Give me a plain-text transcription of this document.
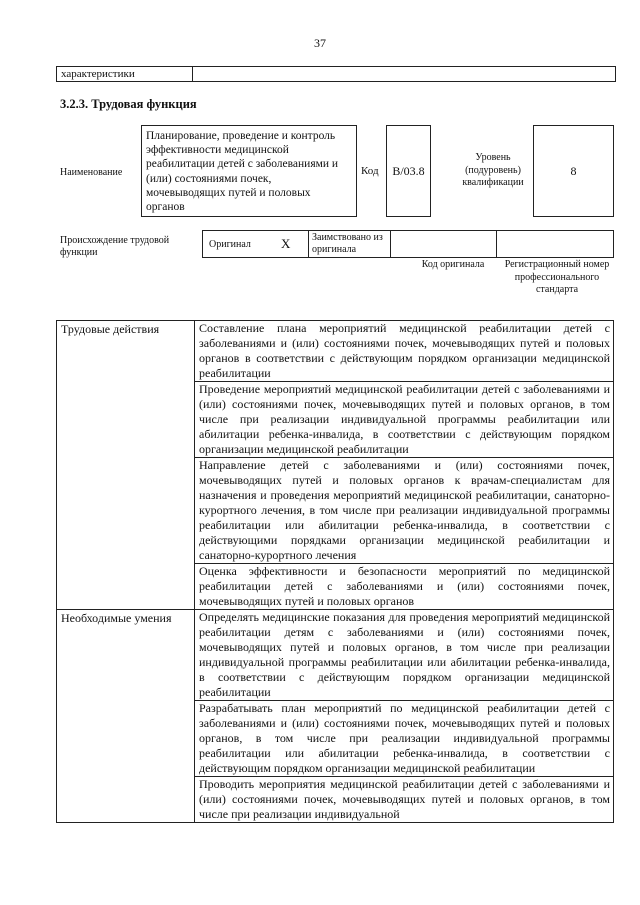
37
характеристики
3.2.3. Трудовая функция
Наименование
Планирование, проведение и контроль эффективности медицинской реабилитации детей с заболеваниями и (или) состояниями почек, мочевыводящих путей и половых органов
Код	B/03.8
Уровень (подуровень) квалификации
8
Происхождение трудовой функции
Оригинал X	Заимствовано из оригинала
Код оригинала	Регистрационный номер профессионального стандарта
Трудовые действия	Составление плана мероприятий медицинской реабилитации детей с заболеваниями и (или) состояниями почек, мочевыводящих путей и половых органов в соответствии с действующим порядком организации медицинской реабилитации
	Проведение мероприятий медицинской реабилитации детей с заболеваниями и (или) состояниями почек, мочевыводящих путей и половых органов, в том числе при реализации индивидуальной программы реабилитации или абилитации ребенка-инвалида, в соответствии с действующим порядком организации медицинской реабилитации
	Направление детей с заболеваниями и (или) состояниями почек, мочевыводящих путей и половых органов к врачам-специалистам для назначения и проведения мероприятий медицинской реабилитации, санаторно-курортного лечения, в том числе при реализации индивидуальной программы реабилитации или абилитации ребенка-инвалида, в соответствии с действующими порядками организации медицинской реабилитации и санаторно-курортного лечения
	Оценка эффективности и безопасности мероприятий по медицинской реабилитации детей с заболеваниями и (или) состояниями почек, мочевыводящих путей и половых органов
Необходимые умения	Определять медицинские показания для проведения мероприятий медицинской реабилитации детям с заболеваниями и (или) состояниями почек, мочевыводящих путей и половых органов, в том числе при реализации индивидуальной программы реабилитации или абилитации ребенка-инвалида, в соответствии с действующим порядком организации медицинской реабилитации
	Разрабатывать план мероприятий по медицинской реабилитации детей с заболеваниями и (или) состояниями почек, мочевыводящих путей и половых органов, в том числе при реализации индивидуальной программы реабилитации или абилитации ребенка-инвалида, в соответствии с действующим порядком организации медицинской реабилитации
	Проводить мероприятия медицинской реабилитации детей с заболеваниями и (или) состояниями почек, мочевыводящих путей и половых органов, в том числе при реализации индивидуальной
